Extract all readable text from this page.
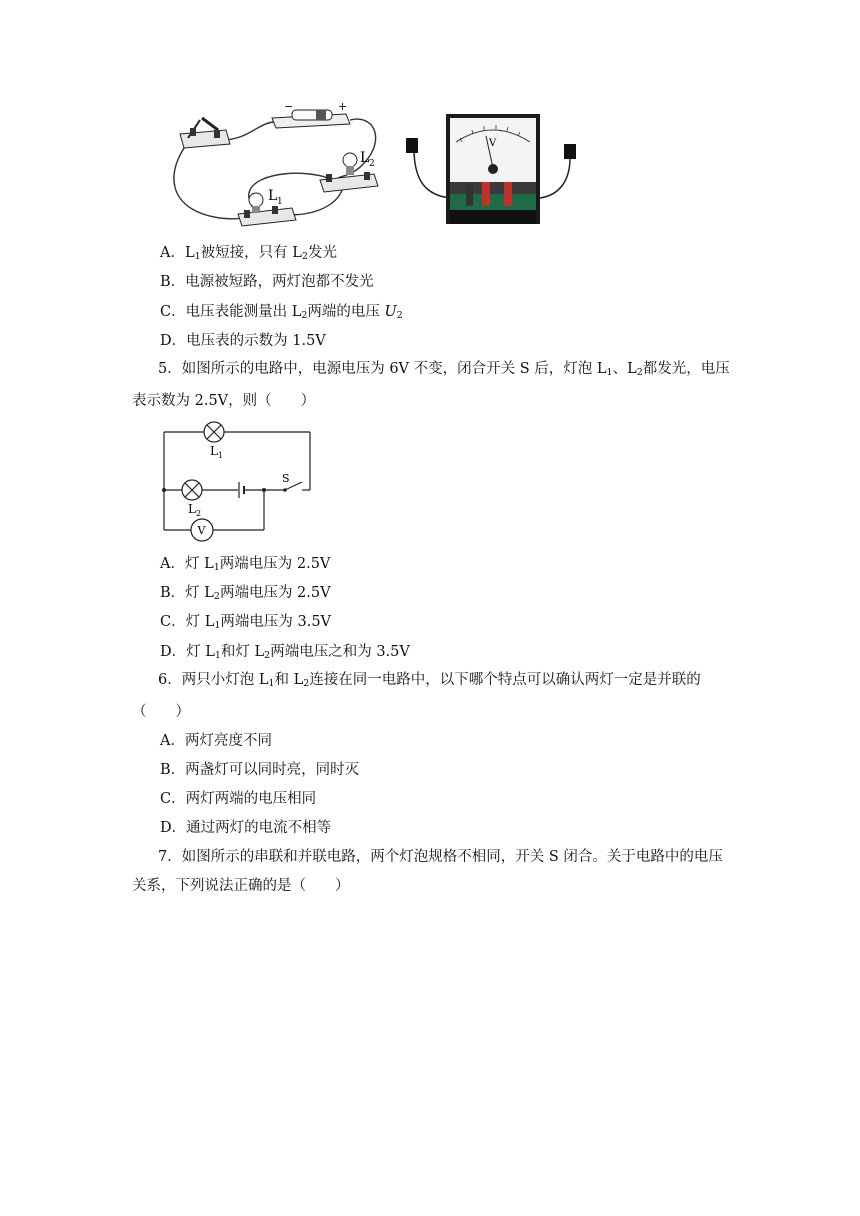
−	+
L 2
L 1
V
A．$L_1$被短接，只有 $L_2$发光
B．电源被短路，两灯泡都不发光
C．电压表能测量出 $L_2$两端的电压 $U_2$
D．电压表的示数为 1.5V
5．如图所示的电路中，电源电压为 6V 不变，闭合开关 S 后，灯泡 $L_1$、$L_2$都发光，电压表示数为 2.5V，则（　　）
L 1
L 2
S
V
A．灯 $L_1$两端电压为 2.5V
B．灯 $L_2$两端电压为 2.5V
C．灯 $L_1$两端电压为 3.5V
D．灯 $L_1$和灯 $L_2$两端电压之和为 3.5V
6．两只小灯泡 $L_1$和 $L_2$连接在同一电路中，以下哪个特点可以确认两灯一定是并联的（　　）
A．两灯亮度不同
B．两盏灯可以同时亮，同时灭
C．两灯两端的电压相同
D．通过两灯的电流不相等
7．如图所示的串联和并联电路，两个灯泡规格不相同，开关 S 闭合。关于电路中的电压关系，下列说法正确的是（　　）
